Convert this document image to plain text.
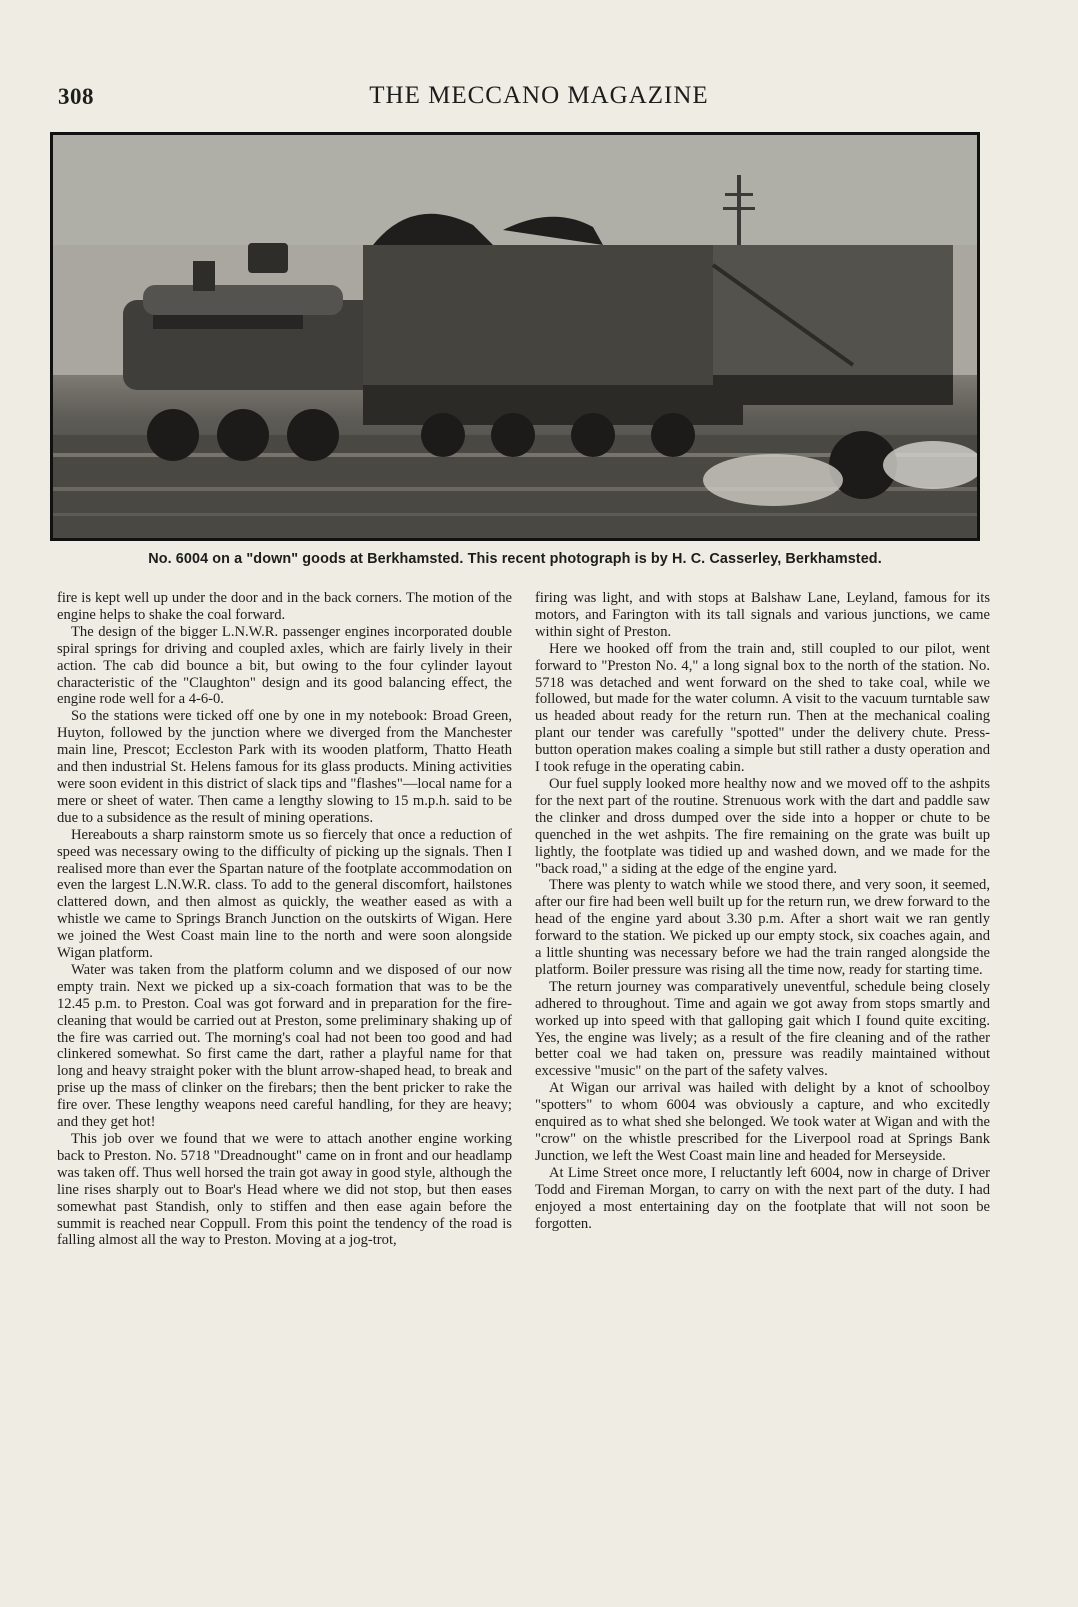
308	THE MECCANO MAGAZINE
No. 6004 on a "down" goods at Berkhamsted. This recent photograph is by H. C. Casserley, Berkhamsted.

fire is kept well up under the door and in the back corners. The motion of the engine helps to shake the coal forward.

The design of the bigger L.N.W.R. passenger engines incorporated double spiral springs for driving and coupled axles, which are fairly lively in their action. The cab did bounce a bit, but owing to the four cylinder layout characteristic of the "Claughton" design and its good balancing effect, the engine rode well for a 4-6-0.

So the stations were ticked off one by one in my notebook: Broad Green, Huyton, followed by the junction where we diverged from the Manchester main line, Prescot; Eccleston Park with its wooden platform, Thatto Heath and then industrial St. Helens famous for its glass products. Mining activities were soon evident in this district of slack tips and "flashes"—local name for a mere or sheet of water. Then came a lengthy slowing to 15 m.p.h. said to be due to a subsidence as the result of mining operations.

Hereabouts a sharp rainstorm smote us so fiercely that once a reduction of speed was necessary owing to the difficulty of picking up the signals. Then I realised more than ever the Spartan nature of the footplate accommodation on even the largest L.N.W.R. class. To add to the general discomfort, hailstones clattered down, and then almost as quickly, the weather eased as with a whistle we came to Springs Branch Junction on the outskirts of Wigan. Here we joined the West Coast main line to the north and were soon alongside Wigan platform.

Water was taken from the platform column and we disposed of our now empty train. Next we picked up a six-coach formation that was to be the 12.45 p.m. to Preston. Coal was got forward and in preparation for the fire-cleaning that would be carried out at Preston, some preliminary shaking up of the fire was carried out. The morning's coal had not been too good and had clinkered somewhat. So first came the dart, rather a playful name for that long and heavy straight poker with the blunt arrow-shaped head, to break and prise up the mass of clinker on the firebars; then the bent pricker to rake the fire over. These lengthy weapons need careful handling, for they are heavy; and they get hot!

This job over we found that we were to attach another engine working back to Preston. No. 5718 "Dreadnought" came on in front and our headlamp was taken off. Thus well horsed the train got away in good style, although the line rises sharply out to Boar's Head where we did not stop, but then eases somewhat past Standish, only to stiffen and then ease again before the summit is reached near Coppull. From this point the tendency of the road is falling almost all the way to Preston. Moving at a jog-trot,

firing was light, and with stops at Balshaw Lane, Leyland, famous for its motors, and Farington with its tall signals and various junctions, we came within sight of Preston.

Here we hooked off from the train and, still coupled to our pilot, went forward to "Preston No. 4," a long signal box to the north of the station. No. 5718 was detached and went forward on the shed to take coal, while we followed, but made for the water column. A visit to the vacuum turntable saw us headed about ready for the return run. Then at the mechanical coaling plant our tender was carefully "spotted" under the delivery chute. Press-button operation makes coaling a simple but still rather a dusty operation and I took refuge in the operating cabin.

Our fuel supply looked more healthy now and we moved off to the ashpits for the next part of the routine. Strenuous work with the dart and paddle saw the clinker and dross dumped over the side into a hopper or chute to be quenched in the wet ashpits. The fire remaining on the grate was built up lightly, the footplate was tidied up and washed down, and we made for the "back road," a siding at the edge of the engine yard.

There was plenty to watch while we stood there, and very soon, it seemed, after our fire had been well built up for the return run, we drew forward to the head of the engine yard about 3.30 p.m. After a short wait we ran gently forward to the station. We picked up our empty stock, six coaches again, and a little shunting was necessary before we had the train ranged alongside the platform. Boiler pressure was rising all the time now, ready for starting time.

The return journey was comparatively uneventful, schedule being closely adhered to throughout. Time and again we got away from stops smartly and worked up into speed with that galloping gait which I found quite exciting. Yes, the engine was lively; as a result of the fire cleaning and of the rather better coal we had taken on, pressure was readily maintained without excessive "music" on the part of the safety valves.

At Wigan our arrival was hailed with delight by a knot of schoolboy "spotters" to whom 6004 was obviously a capture, and who excitedly enquired as to what shed she belonged. We took water at Wigan and with the "crow" on the whistle prescribed for the Liverpool road at Springs Bank Junction, we left the West Coast main line and headed for Merseyside.

At Lime Street once more, I reluctantly left 6004, now in charge of Driver Todd and Fireman Morgan, to carry on with the next part of the duty. I had enjoyed a most entertaining day on the footplate that will not soon be forgotten.
